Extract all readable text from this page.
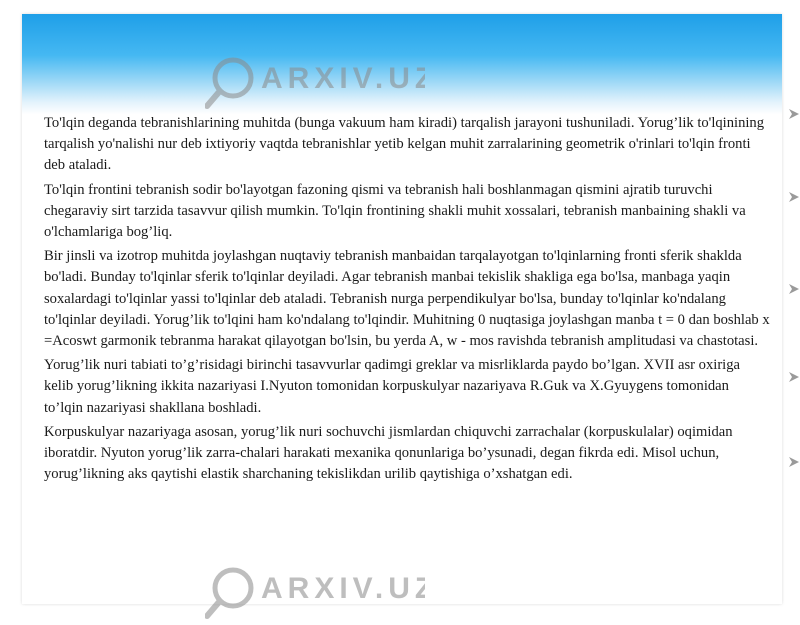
ARXIV.UZ
ARXIV.UZ

To'lqin deganda tebranishlarining muhitda (bunga vakuum ham kiradi) tarqalish jarayoni tushuniladi. Yorug’lik to'lqinining tarqalish yo'nalishi nur deb ixtiyoriy vaqtda tebranishlar yetib kelgan muhit zarralarining geometrik o'rinlari to'lqin fronti deb ataladi.

To'lqin frontini tebranish sodir bo'layotgan fazoning qismi va tebranish hali boshlanmagan qismini ajratib turuvchi chegaraviy sirt tarzida tasavvur qilish mumkin. To'lqin frontining shakli muhit xossalari, tebranish manbaining shakli va o'lchamlariga bog’liq.

Bir jinsli va izotrop muhitda joylashgan nuqtaviy tebranish manbaidan tarqalayotgan to'lqinlarning fronti sferik shaklda bo'ladi. Bunday to'lqinlar sferik to'lqinlar deyiladi. Agar tebranish manbai tekislik shakliga ega bo'lsa, manbaga yaqin soxalardagi to'lqinlar yassi to'lqinlar deb ataladi. Tebranish nurga perpendikulyar bo'lsa, bunday to'lqinlar ko'ndalang to'lqinlar deyiladi. Yorug’lik to'lqini ham ko'ndalang to'lqindir. Muhitning 0 nuqtasiga joylashgan manba t = 0 dan boshlab x =Acoswt garmonik tebranma harakat qilayotgan bo'lsin, bu yerda A, w - mos ravishda tebranish amplitudasi va chastotasi.

Yorug’lik nuri tabiati to’g’risidagi birinchi tasavvurlar qadimgi greklar va misrliklarda paydo bo’lgan. XVII asr oxiriga kelib yorug’likning ikkita nazariyasi I.Nyuton tomonidan korpuskulyar nazariyava R.Guk va X.Gyuygens tomonidan to’lqin nazariyasi shakllana boshladi.

Korpuskulyar nazariyaga asosan, yorug’lik nuri sochuvchi jismlardan chiquvchi zarrachalar (korpuskulalar) oqimidan iboratdir. Nyuton yorug’lik zarra-chalari harakati mexanika qonunlariga bo’ysunadi, degan fikrda edi. Misol uchun, yorug’likning aks qaytishi elastik sharchaning tekislikdan urilib qaytishiga o’xshatgan edi.
